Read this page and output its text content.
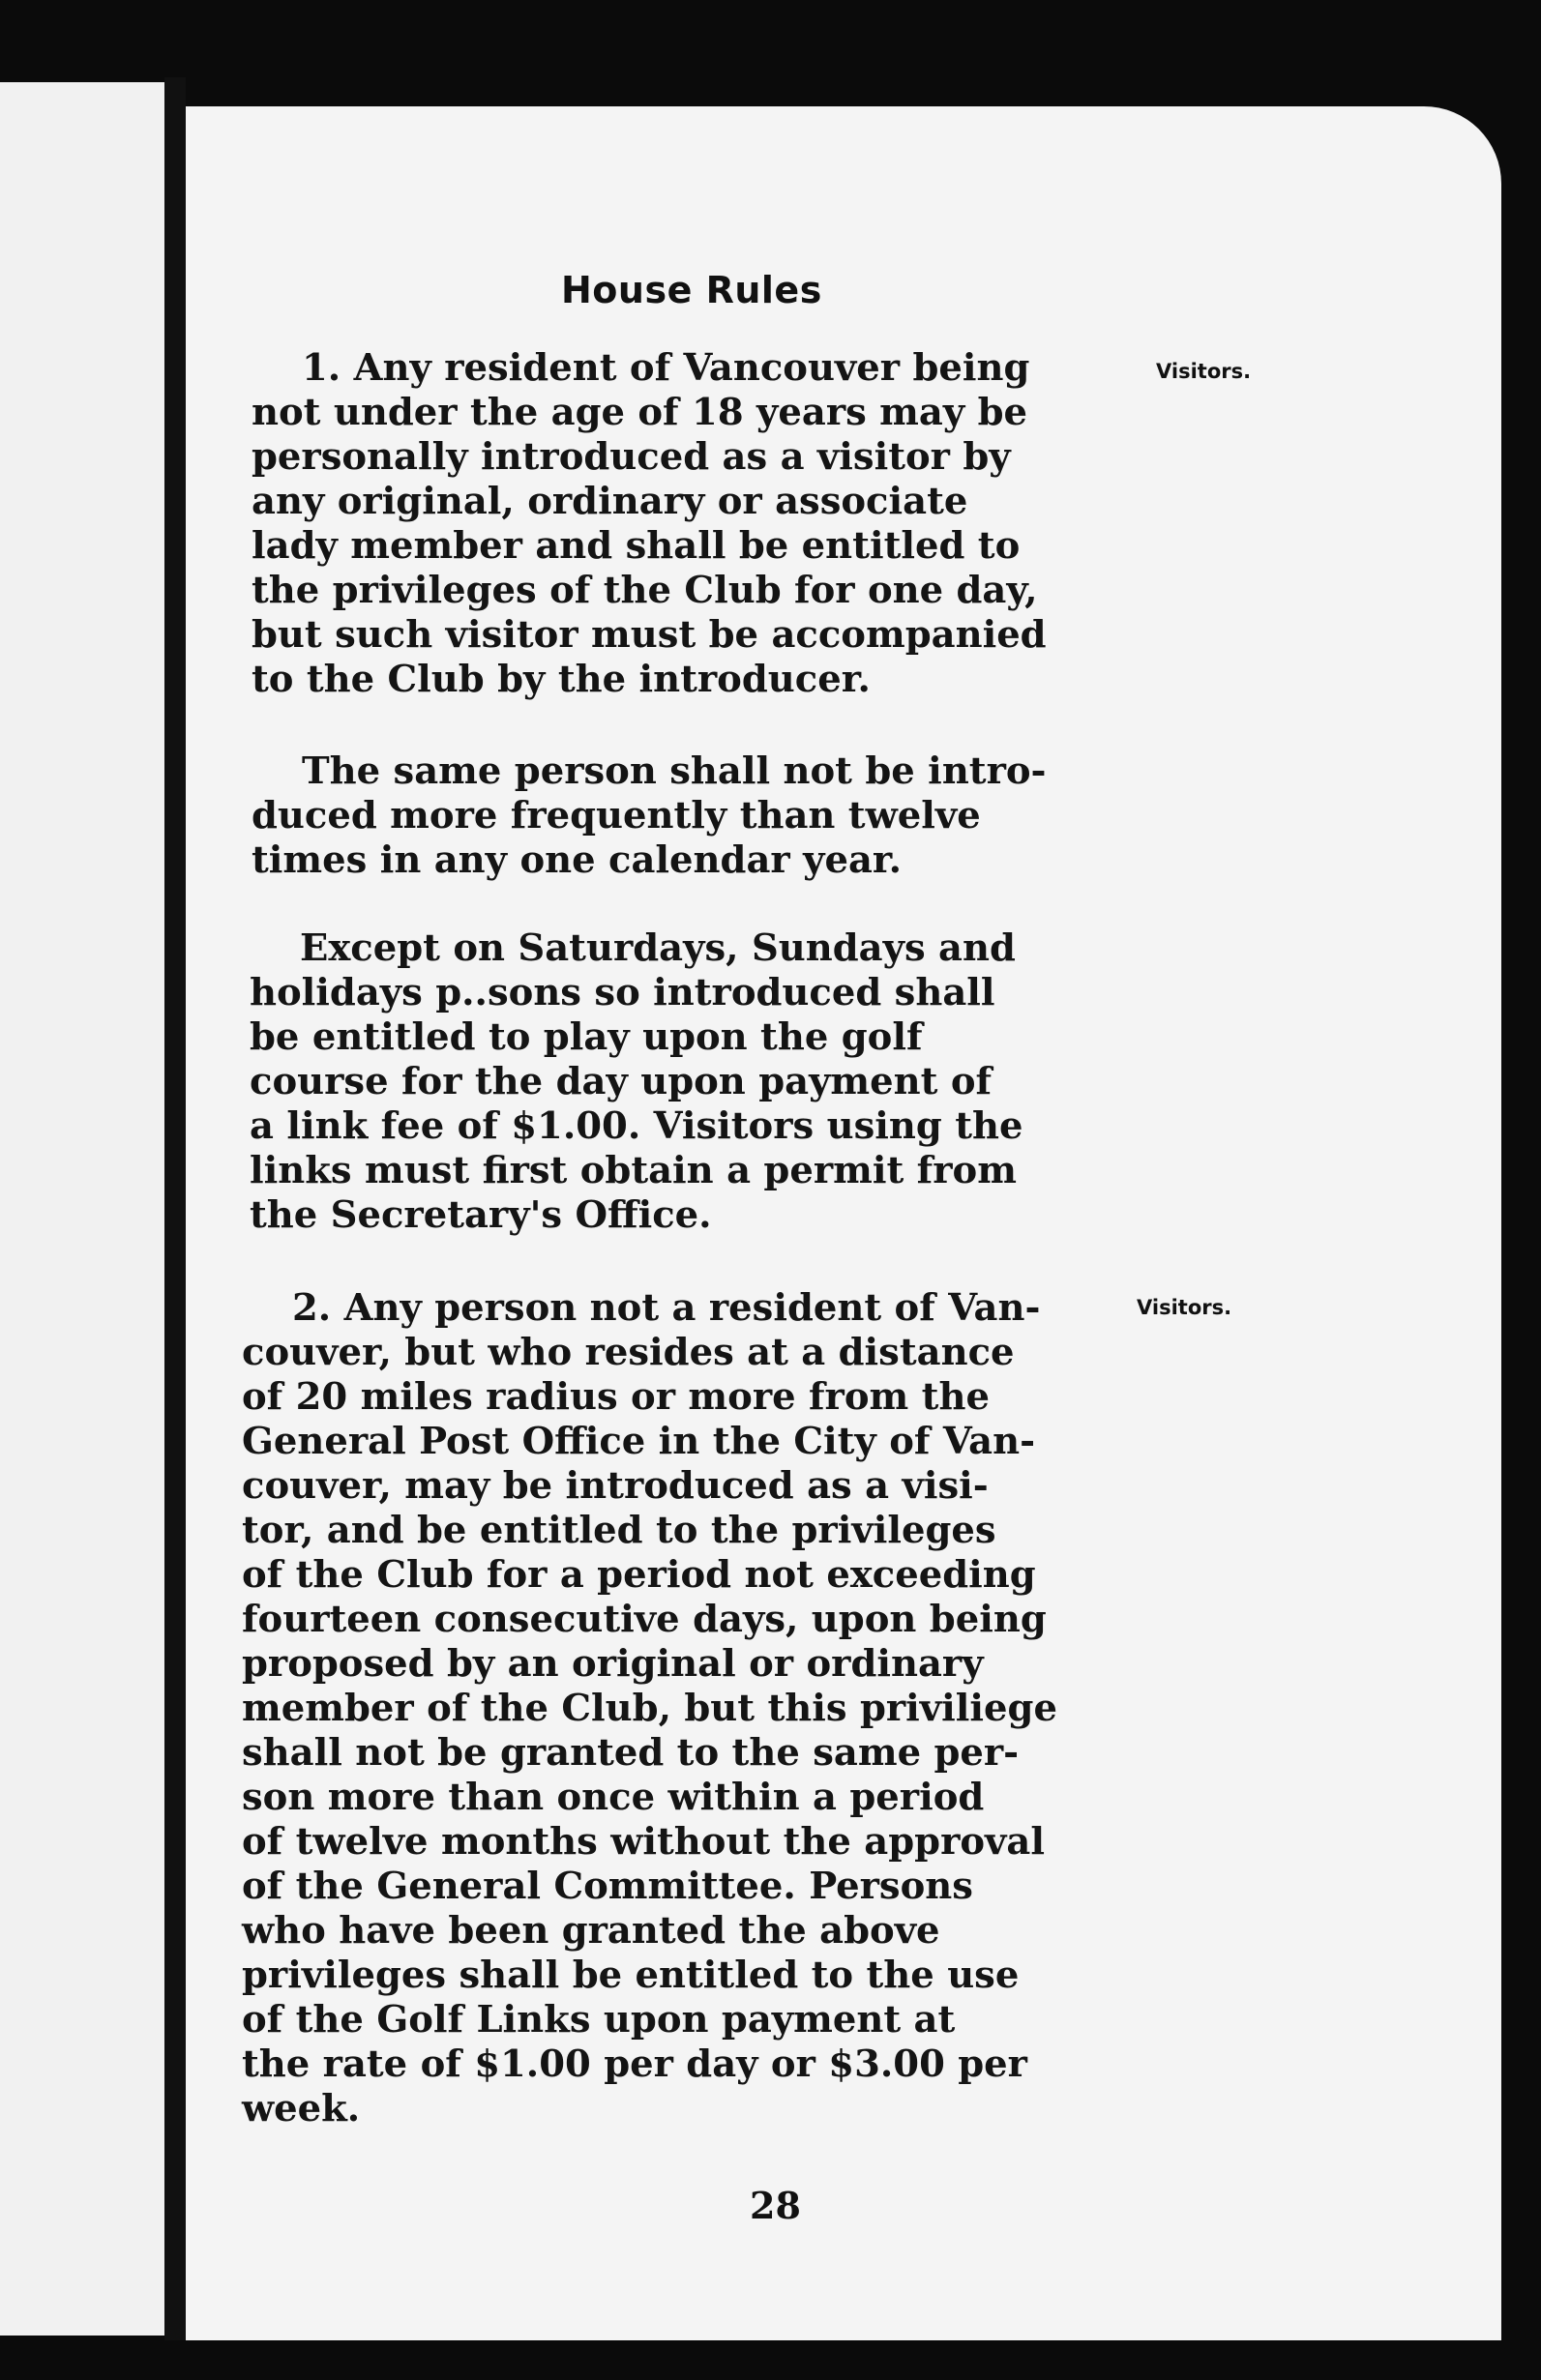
House Rules
Visitors.
Visitors.
1. Any resident of Vancouver being
not under the age of 18 years may be
personally introduced as a visitor by
any original, ordinary or associate
lady member and shall be entitled to
the privileges of the Club for one day,
but such visitor must be accompanied
to the Club by the introducer.
The same person shall not be intro-
duced more frequently than twelve
times in any one calendar year.
Except on Saturdays, Sundays and
holidays p..sons so introduced shall
be entitled to play upon the golf
course for the day upon payment of
a link fee of $1.00. Visitors using the
links must first obtain a permit from
the Secretary's Office.
2. Any person not a resident of Van-
couver, but who resides at a distance
of 20 miles radius or more from the
General Post Office in the City of Van-
couver, may be introduced as a visi-
tor, and be entitled to the privileges
of the Club for a period not exceeding
fourteen consecutive days, upon being
proposed by an original or ordinary
member of the Club, but this priviliege
shall not be granted to the same per-
son more than once within a period
of twelve months without the approval
of the General Committee. Persons
who have been granted the above
privileges shall be entitled to the use
of the Golf Links upon payment at
the rate of $1.00 per day or $3.00 per
week.
28
